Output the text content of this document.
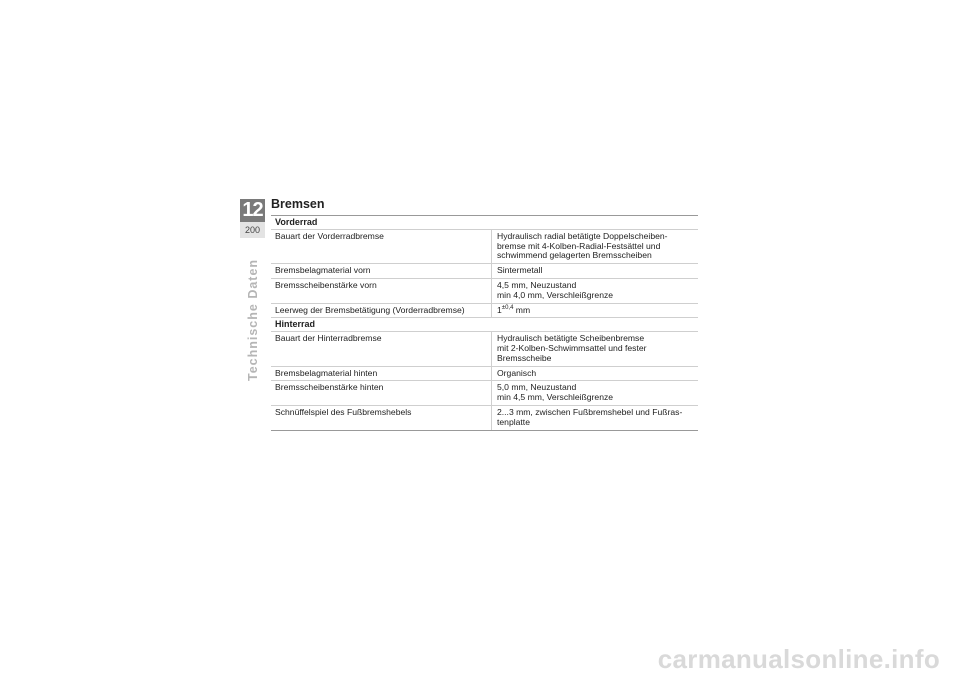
12
200
Technische Daten
Bremsen
Vorderrad
Bauart der Vorderradbremse	Hydraulisch radial betätigte Doppelscheiben-
bremse mit 4-Kolben-Radial-Festsättel und
schwimmend gelagerten Bremsscheiben
Bremsbelagmaterial vorn	Sintermetall
Bremsscheibenstärke vorn	4,5 mm, Neuzustand
min 4,0 mm, Verschleißgrenze
Leerweg der Bremsbetätigung (Vorderradbremse)	$1^{\pm 0,4}$ mm
Hinterrad
Bauart der Hinterradbremse	Hydraulisch betätigte Scheibenbremse
mit 2-Kolben-Schwimmsattel und fester
Bremsscheibe
Bremsbelagmaterial hinten	Organisch
Bremsscheibenstärke hinten	5,0 mm, Neuzustand
min 4,5 mm, Verschleißgrenze
Schnüffelspiel des Fußbremshebels	2...3 mm, zwischen Fußbremshebel und Fußras-
tenplatte
carmanualsonline.info
